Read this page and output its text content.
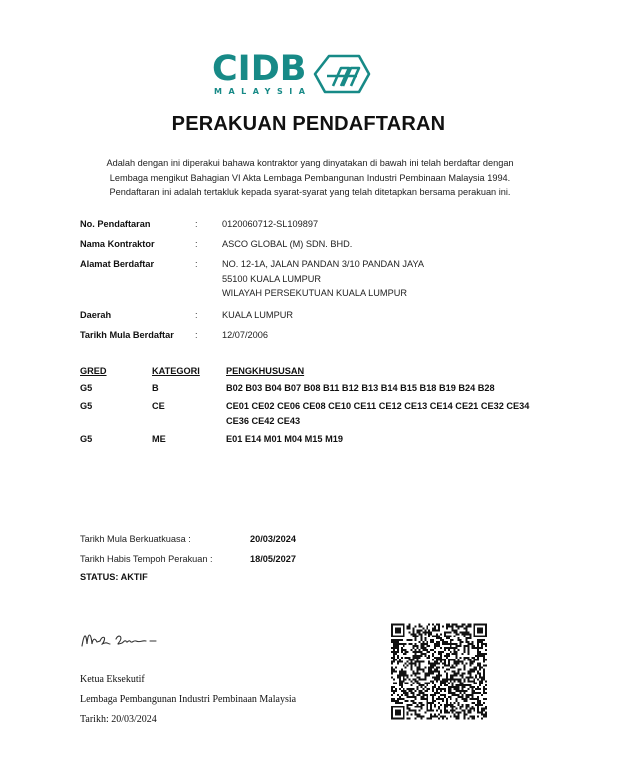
CIDB
MALAYSIA
PERAKUAN PENDAFTARAN
Adalah dengan ini diperakui bahawa kontraktor yang dinyatakan di bawah ini telah berdaftar dengan
Lembaga mengikut Bahagian VI Akta Lembaga Pembangunan Industri Pembinaan Malaysia 1994.
Pendaftaran ini adalah tertakluk kepada syarat-syarat yang telah ditetapkan bersama perakuan ini.
No. Pendaftaran	:	0120060712-SL109897
Nama Kontraktor	:	ASCO GLOBAL (M) SDN. BHD.
Alamat Berdaftar	:	NO. 12-1A, JALAN PANDAN 3/10 PANDAN JAYA
55100 KUALA LUMPUR
WILAYAH PERSEKUTUAN KUALA LUMPUR
Daerah	:	KUALA LUMPUR
Tarikh Mula Berdaftar	:	12/07/2006
GRED	KATEGORI	PENGKHUSUSAN
G5	B	B02 B03 B04 B07 B08 B11 B12 B13 B14 B15 B18 B19 B24 B28
G5	CE	CE01 CE02 CE06 CE08 CE10 CE11 CE12 CE13 CE14 CE21 CE32 CE34 CE36 CE42 CE43
G5	ME	E01 E14 M01 M04 M15 M19
Tarikh Mula Berkuatkuasa :	20/03/2024
Tarikh Habis Tempoh Perakuan :	18/05/2027
STATUS: AKTIF
Ketua Eksekutif
Lembaga Pembangunan Industri Pembinaan Malaysia
Tarikh: 20/03/2024
